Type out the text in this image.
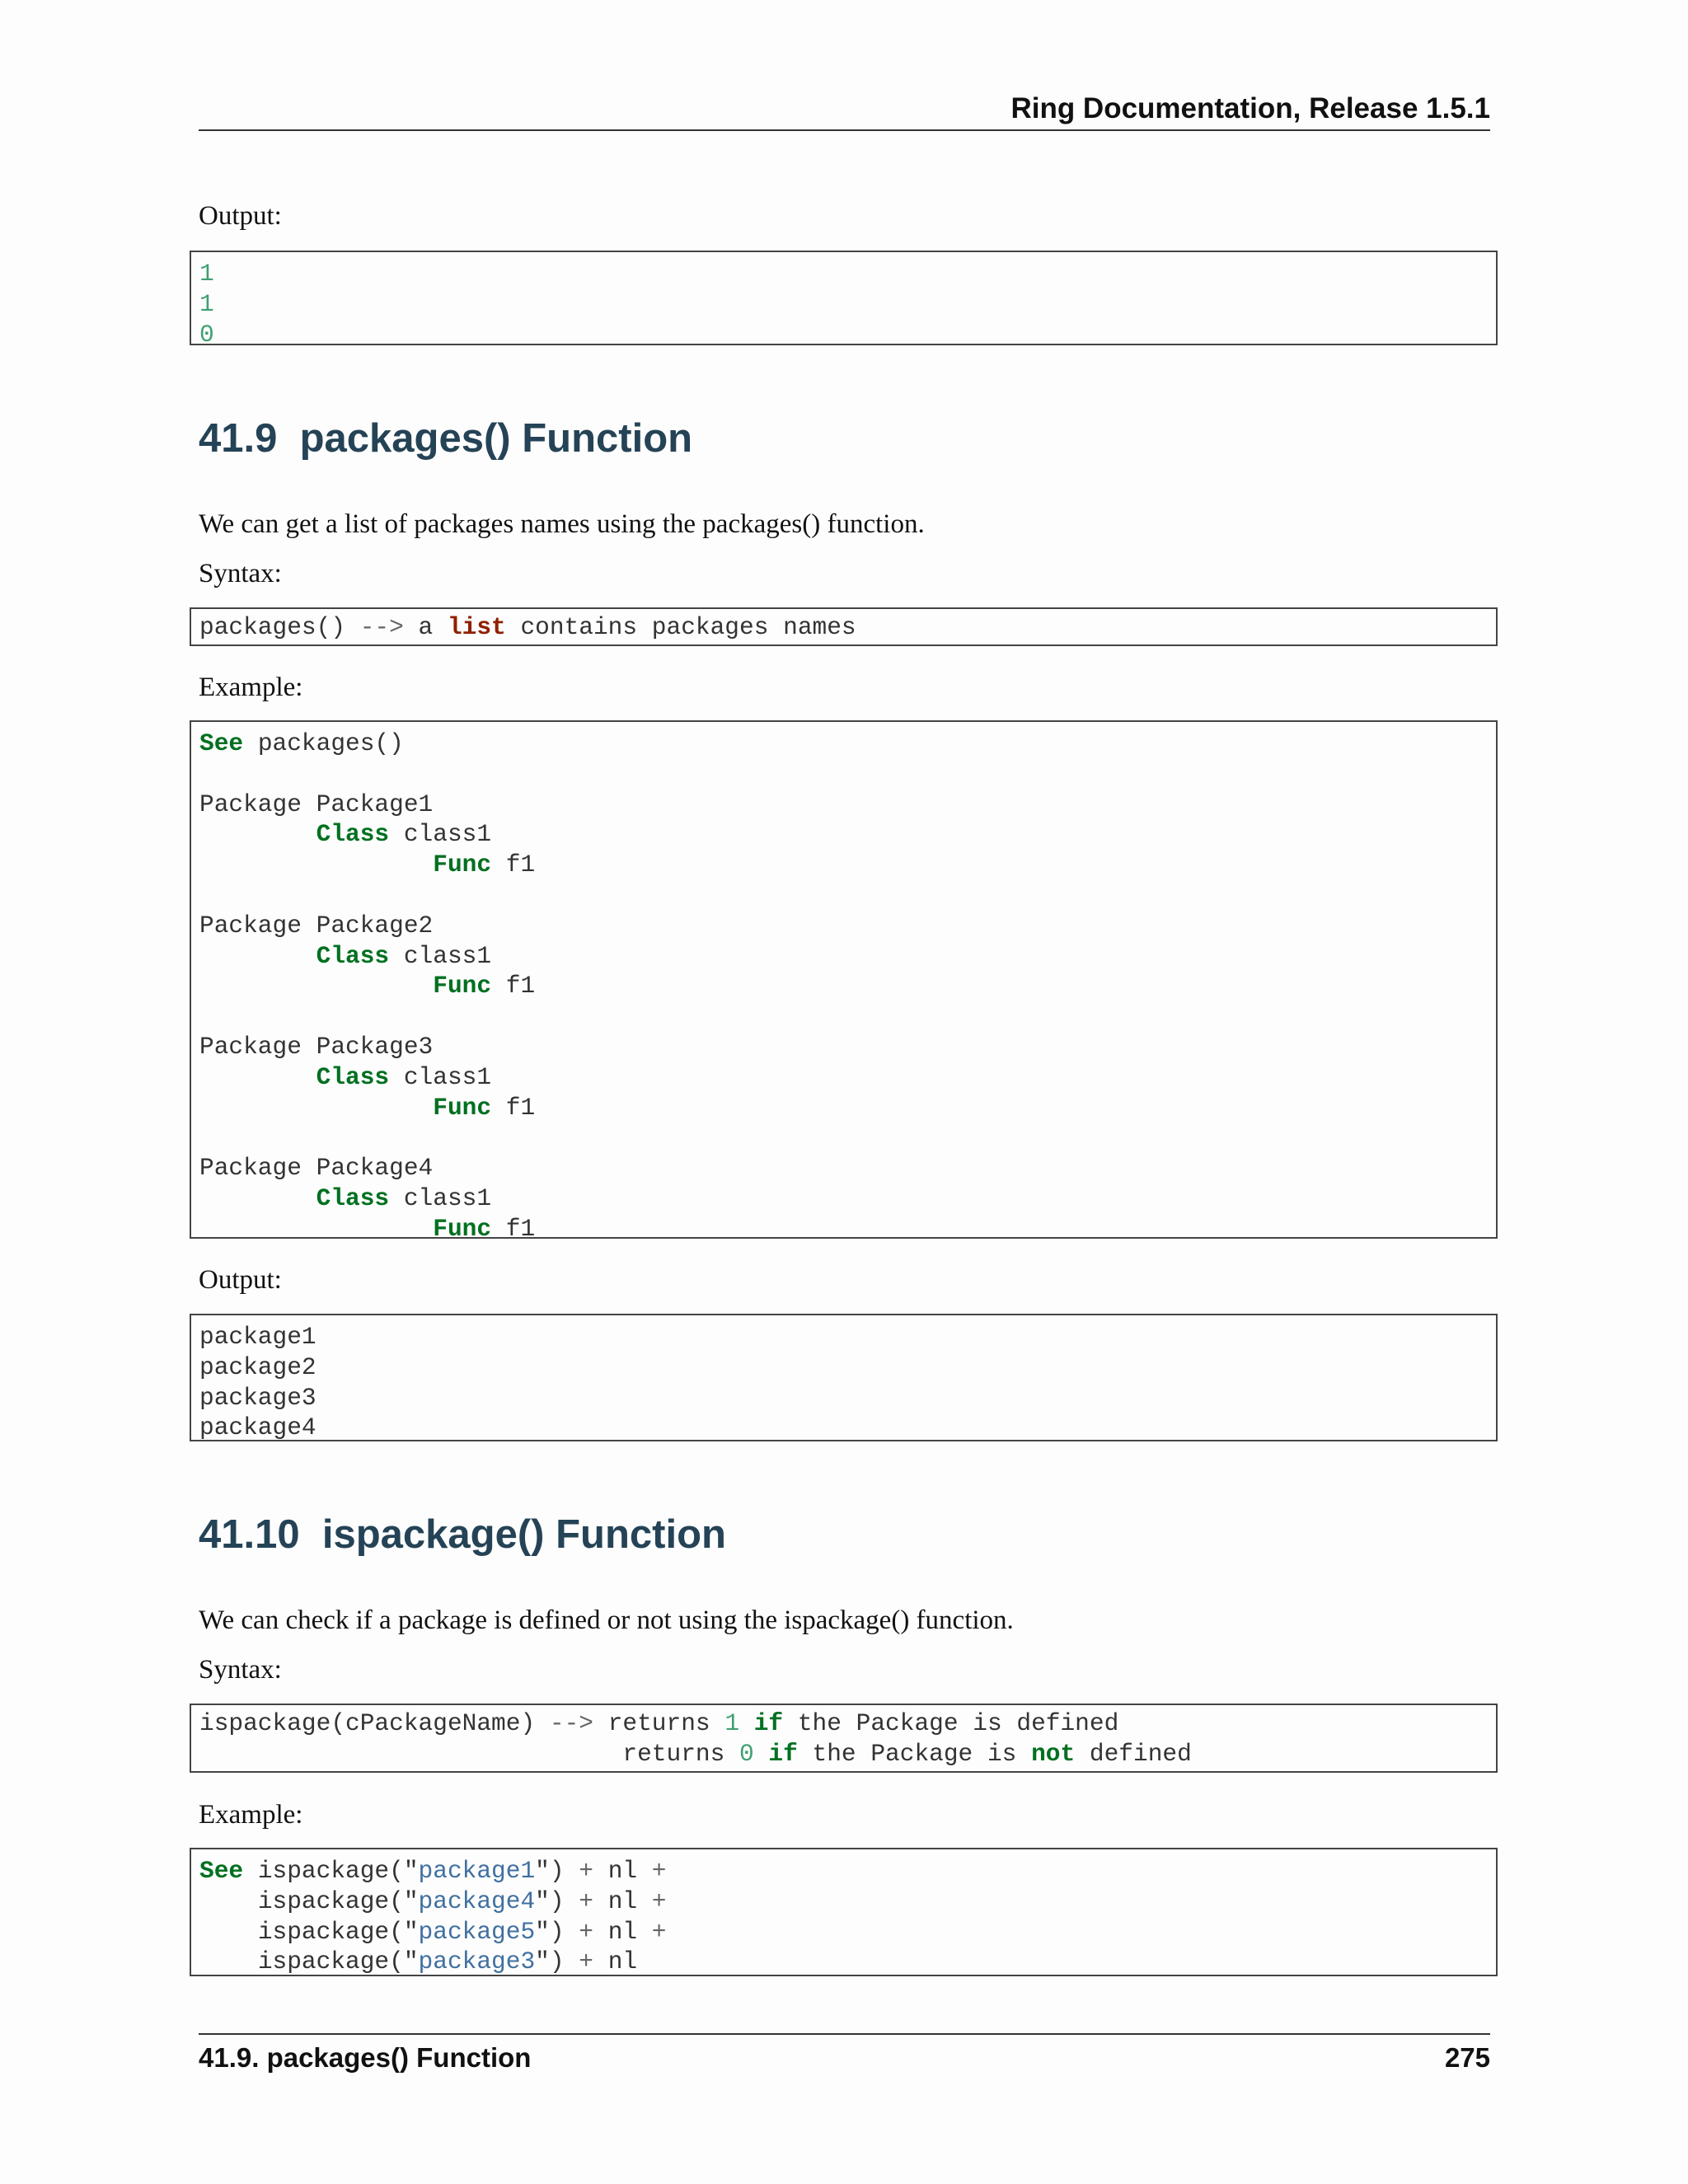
Ring Documentation, Release 1.5.1
Output:
1
1
0
41.9 packages() Function
We can get a list of packages names using the packages() function.
Syntax:
packages() --> a list contains packages names
Example:
See packages()

Package Package1
Class class1
Func f1

Package Package2
Class class1
Func f1

Package Package3
Class class1
Func f1

Package Package4
Class class1
Func f1
Output:
package1
package2
package3
package4
41.10 ispackage() Function
We can check if a package is defined or not using the ispackage() function.
Syntax:
ispackage(cPackageName) --> returns 1 if the Package is defined
returns 0 if the Package is not defined
Example:
See ispackage("package1") + nl +
ispackage("package4") + nl +
ispackage("package5") + nl +
ispackage("package3") + nl
41.9. packages() Function	275
